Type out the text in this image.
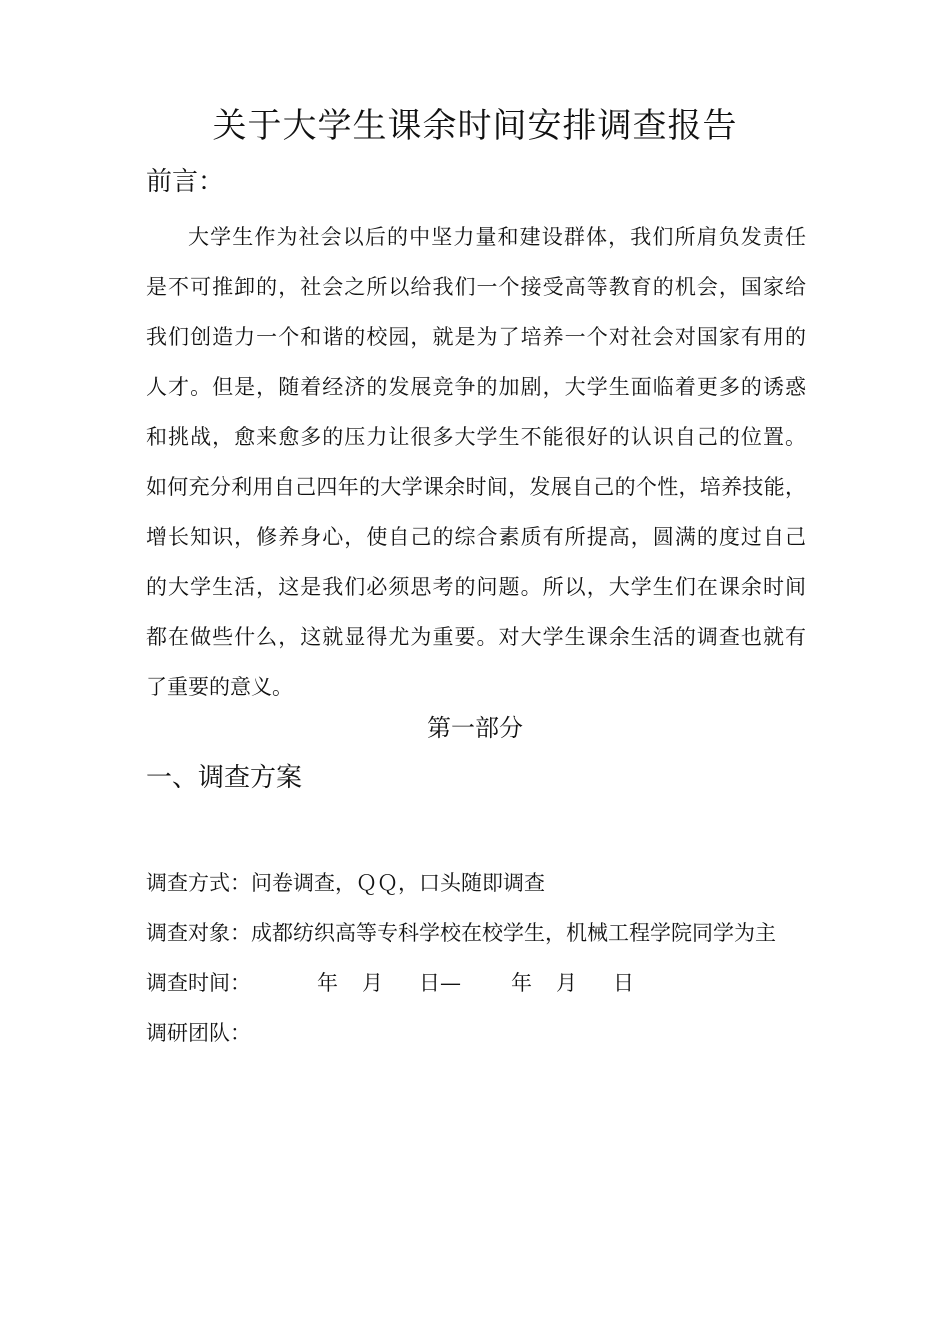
关于大学生课余时间安排调查报告
前言：
大学生作为社会以后的中坚力量和建设群体，我们所肩负发责任
是不可推卸的，社会之所以给我们一个接受高等教育的机会，国家给
我们创造力一个和谐的校园，就是为了培养一个对社会对国家有用的
人才。但是，随着经济的发展竞争的加剧，大学生面临着更多的诱惑
和挑战，愈来愈多的压力让很多大学生不能很好的认识自己的位置。
如何充分利用自己四年的大学课余时间，发展自己的个性，培养技能，
增长知识，修养身心，使自己的综合素质有所提高，圆满的度过自己
的大学生活，这是我们必须思考的问题。所以，大学生们在课余时间
都在做些什么，这就显得尤为重要。对大学生课余生活的调查也就有
了重要的意义。
第一部分
一、调查方案
调查方式：问卷调查，ＱＱ，口头随即调查
调查对象：成都纺织高等专科学校在校学生，机械工程学院同学为主
调查时间：	年 月 日— 年 月 日
调研团队：
